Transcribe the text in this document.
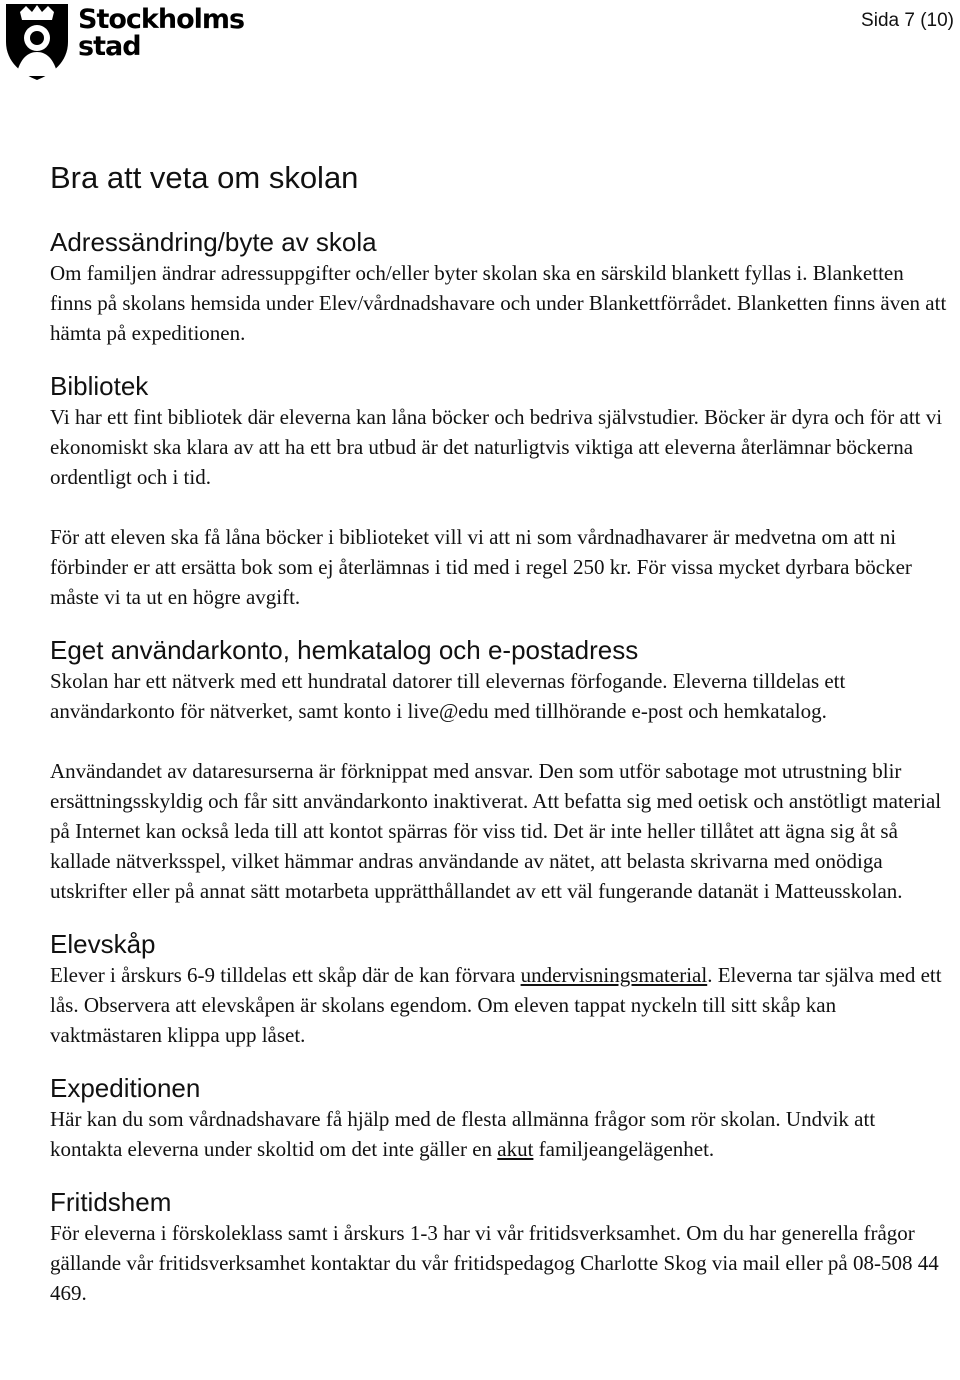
Stockholms
stad
Sida 7 (10)
Bra att veta om skolan
Adressändring/byte av skola

Om familjen ändrar adressuppgifter och/eller byter skolan ska en särskild blankett fyllas i. Blanketten finns på skolans hemsida under Elev/vårdnadshavare och under Blankettförrådet. Blanketten finns även att hämta på expeditionen.

Bibliotek

Vi har ett fint bibliotek där eleverna kan låna böcker och bedriva självstudier. Böcker är dyra och för att vi ekonomiskt ska klara av att ha ett bra utbud är det naturligtvis viktiga att eleverna återlämnar böckerna ordentligt och i tid.

För att eleven ska få låna böcker i biblioteket vill vi att ni som vårdnadhavarer är medvetna om att ni förbinder er att ersätta bok som ej återlämnas i tid med i regel 250 kr. För vissa mycket dyrbara böcker måste vi ta ut en högre avgift.

Eget användarkonto, hemkatalog och e-postadress

Skolan har ett nätverk med ett hundratal datorer till elevernas förfogande. Eleverna tilldelas ett användarkonto för nätverket, samt konto i live@edu med tillhörande e-post och hemkatalog.

Användandet av dataresurserna är förknippat med ansvar. Den som utför sabotage mot utrustning blir ersättningsskyldig och får sitt användarkonto inaktiverat. Att befatta sig med oetisk och anstötligt material på Internet kan också leda till att kontot spärras för viss tid. Det är inte heller tillåtet att ägna sig åt så kallade nätverksspel, vilket hämmar andras användande av nätet, att belasta skrivarna med onödiga utskrifter eller på annat sätt motarbeta upprätthållandet av ett väl fungerande datanät i Matteusskolan.

Elevskåp

Elever i årskurs 6-9 tilldelas ett skåp där de kan förvara undervisningsmaterial. Eleverna tar själva med ett lås. Observera att elevskåpen är skolans egendom. Om eleven tappat nyckeln till sitt skåp kan vaktmästaren klippa upp låset.

Expeditionen

Här kan du som vårdnadshavare få hjälp med de flesta allmänna frågor som rör skolan. Undvik att kontakta eleverna under skoltid om det inte gäller en akut familjeangelägenhet.

Fritidshem

För eleverna i förskoleklass samt i årskurs 1-3 har vi vår fritidsverksamhet. Om du har generella frågor gällande vår fritidsverksamhet kontaktar du vår fritidspedagog Charlotte Skog via mail eller på 08-508 44 469.
